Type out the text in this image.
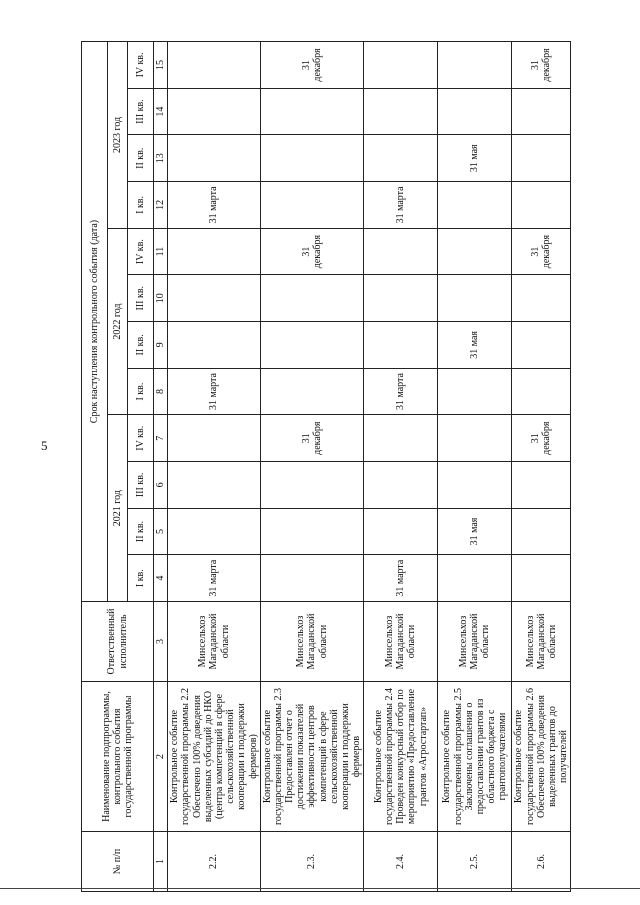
5
№ п/п	Наименование подпрограммы, контрольного события государственной программы	Ответственный исполнитель	Срок наступления контрольного события (дата)											
			2021 год				2022 год				2023 год			
			I кв.	II кв.	III кв.	IV кв.	I кв.	II кв.	III кв.	IV кв.	I кв.	II кв.	III кв.	IV кв.
1	2	3	4	5	6	7	8	9	10	11	12	13	14	15
2.2.	Контрольное событие государственной программы 2.2 Обеспечено 100% доведения выделенных субсидий до НКО (центра компетенций в сфере сельскохозяйственной кооперации и поддержки фермеров)	Минсельхоз Магаданской области	31 марта				31 марта				31 марта			
2.3.	Контрольное событие государственной программы 2.3 Предоставлен отчет о достижении показателей эффективности центров компетенций в сфере сельскохозяйственной кооперации и поддержки фермеров	Минсельхоз Магаданской области				31 декабря				31 декабря				31 декабря
2.4.	Контрольное событие государственной программы 2.4 Проведен конкурсный отбор по мероприятию «Предоставление грантов «Агростартап»	Минсельхоз Магаданской области	31 марта				31 марта				31 марта			
2.5.	Контрольное событие государственной программы 2.5 Заключены соглашения о предоставлении грантов из областного бюджета с грантополучателями	Минсельхоз Магаданской области		31 мая				31 мая				31 мая		
2.6.	Контрольное событие государственной программы 2.6 Обеспечено 100% доведения выделенных грантов до получателей	Минсельхоз Магаданской области				31 декабря				31 декабря				31 декабря
